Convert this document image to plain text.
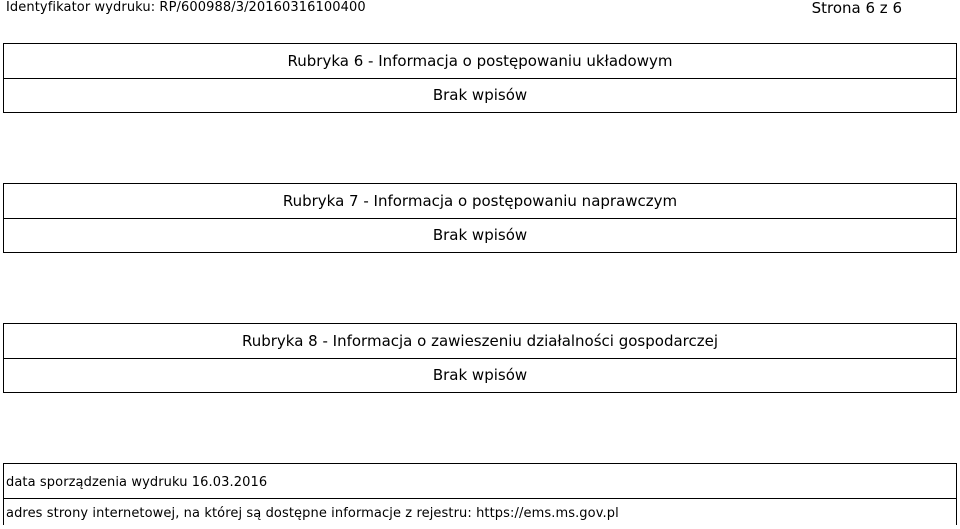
Identyfikator wydruku: RP/600988/3/20160316100400	Strona 6 z 6
Rubryka 6 - Informacja o postępowaniu układowym
Brak wpisów
Rubryka 7 - Informacja o postępowaniu naprawczym
Brak wpisów
Rubryka 8 - Informacja o zawieszeniu działalności gospodarczej
Brak wpisów
data sporządzenia wydruku 16.03.2016
adres strony internetowej, na której są dostępne informacje z rejestru: https://ems.ms.gov.pl
